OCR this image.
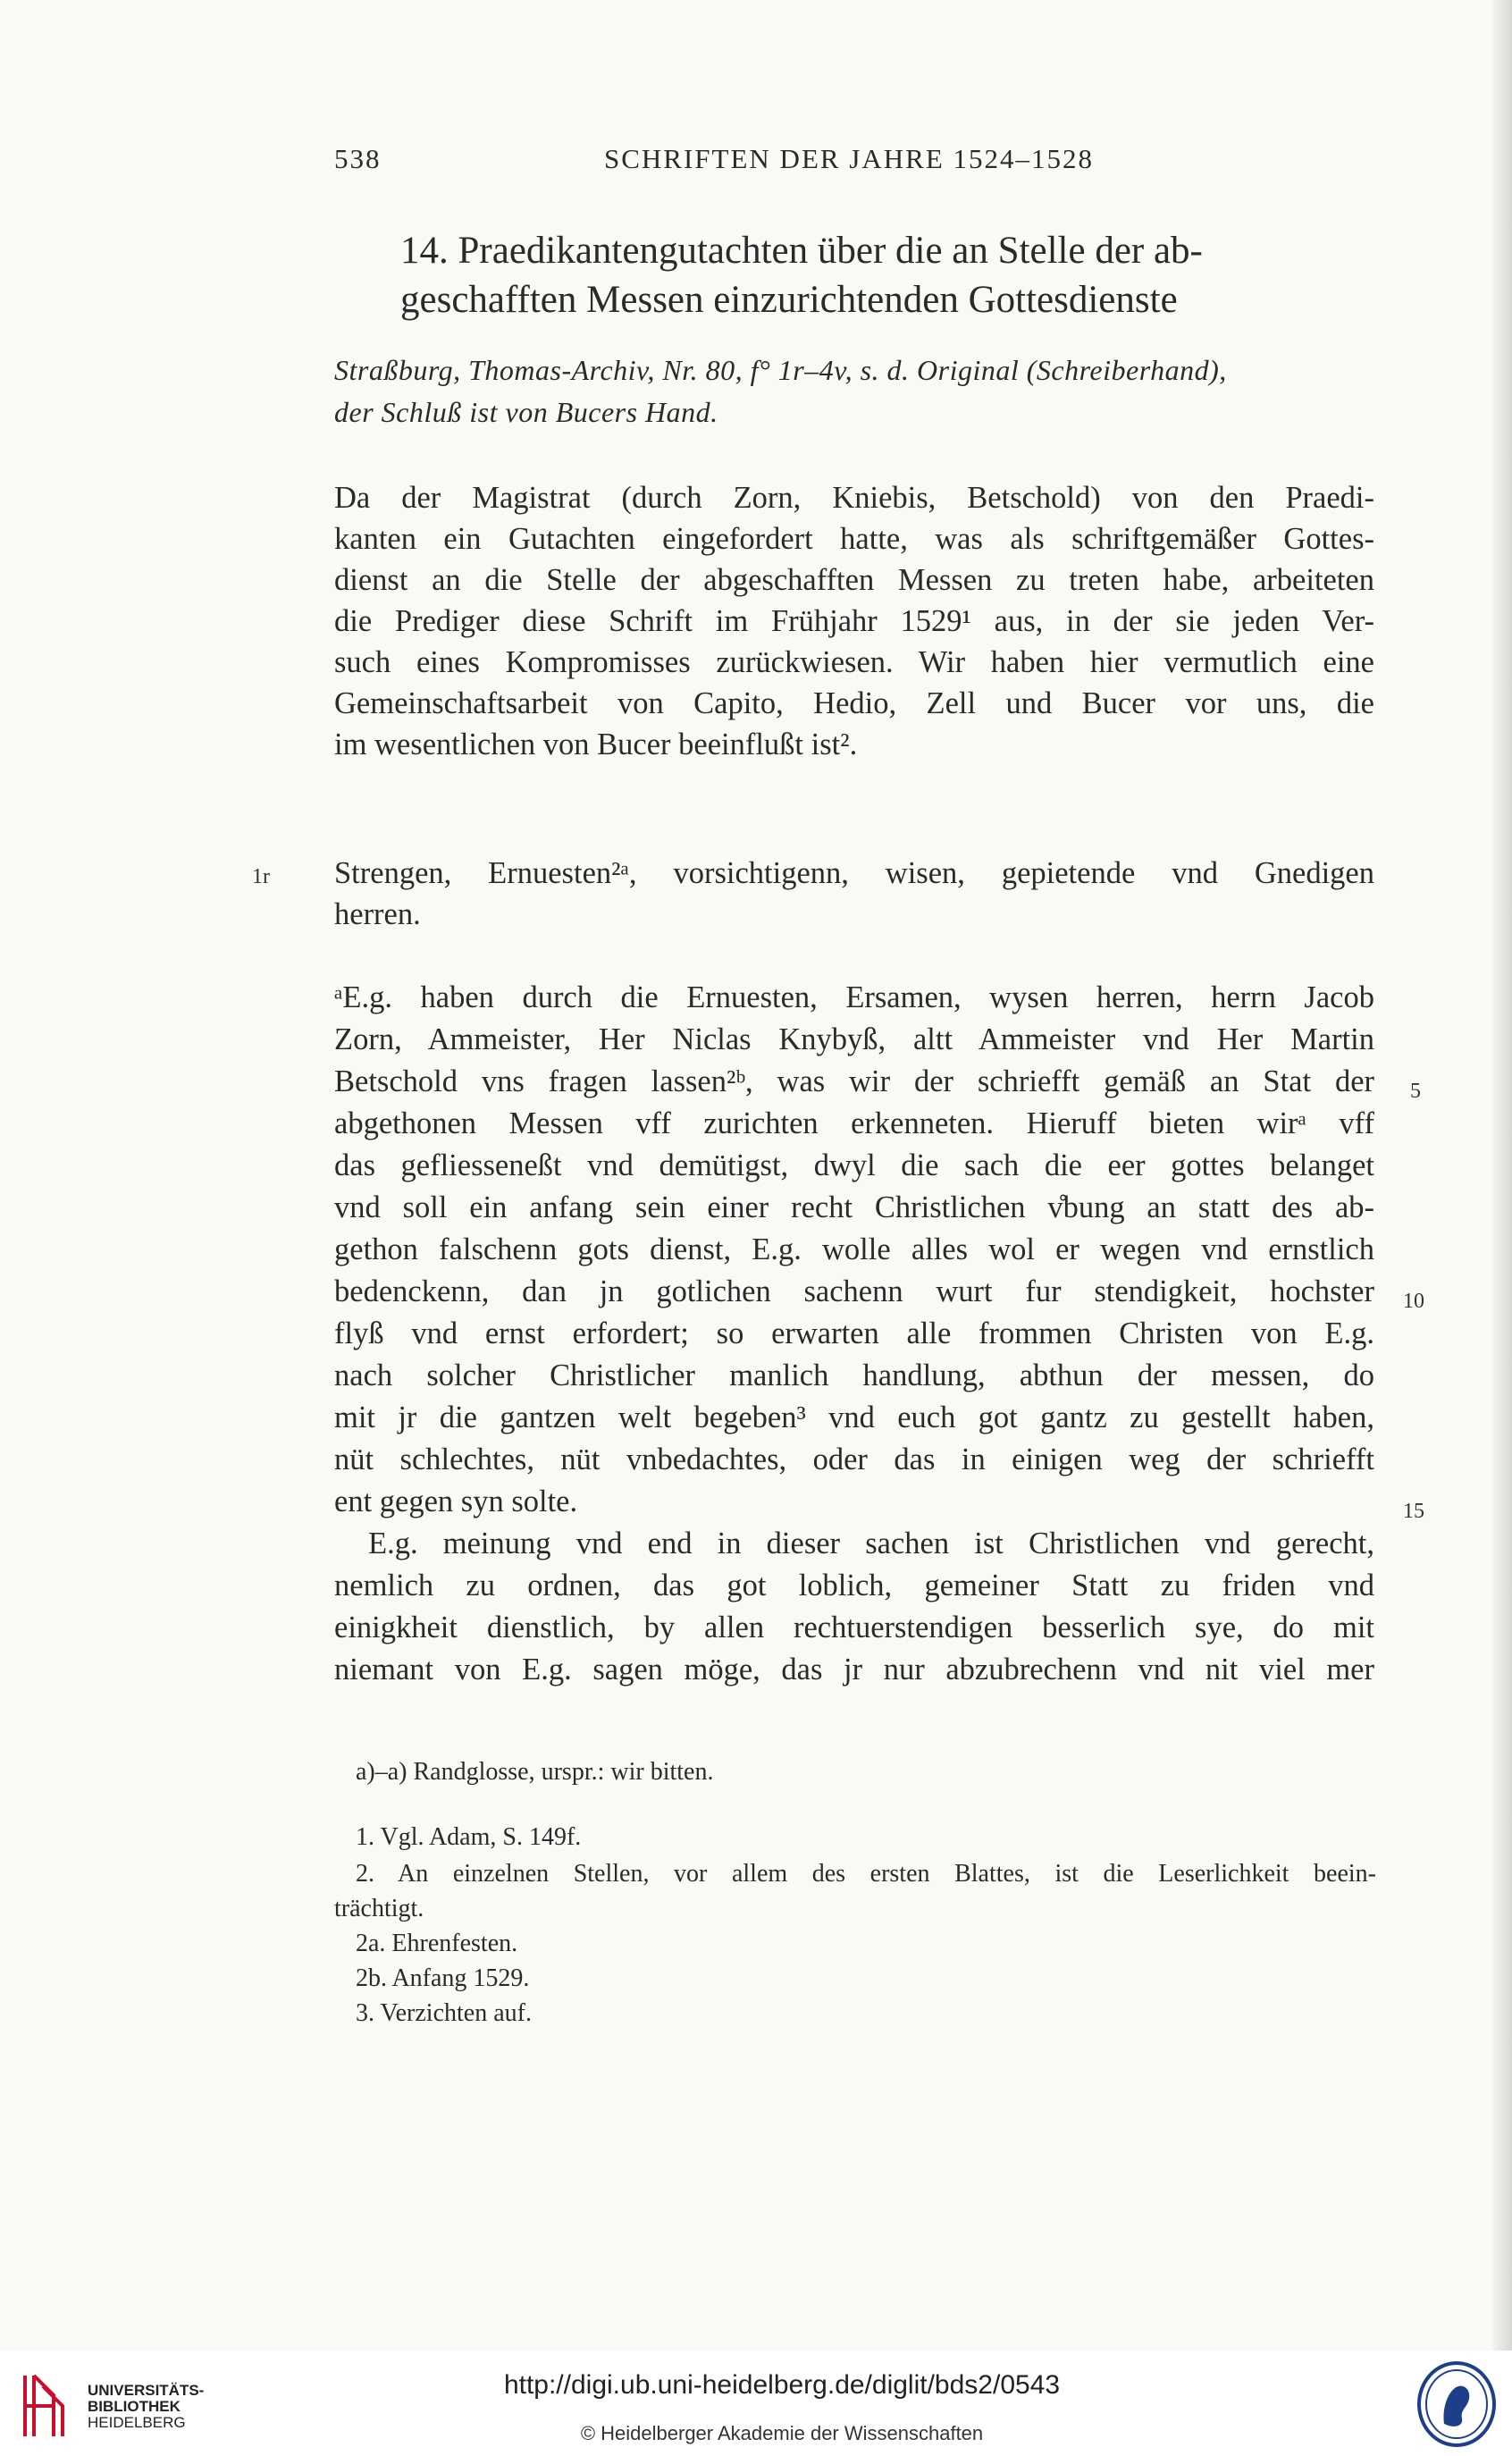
538	SCHRIFTEN DER JAHRE 1524–1528
14. Praedikantengutachten über die an Stelle der ab-
geschafften Messen einzurichtenden Gottesdienste
Straßburg, Thomas-Archiv, Nr. 80, f° 1r–4v, s. d. Original (Schreiberhand),
der Schluß ist von Bucers Hand.
Da der Magistrat (durch Zorn, Kniebis, Betschold) von den Praedi-
kanten ein Gutachten eingefordert hatte, was als schriftgemäßer Gottes-
dienst an die Stelle der abgeschafften Messen zu treten habe, arbeiteten
die Prediger diese Schrift im Frühjahr 1529¹ aus, in der sie jeden Ver-
such eines Kompromisses zurückwiesen. Wir haben hier vermutlich eine
Gemeinschaftsarbeit von Capito, Hedio, Zell und Bucer vor uns, die
im wesentlichen von Bucer beeinflußt ist².
1r Strengen, Ernuesten²ᵃ, vorsichtigenn, wisen, gepietende vnd Gnedigen
herren.
ᵃE.g. haben durch die Ernuesten, Ersamen, wysen herren, herrn Jacob
Zorn, Ammeister, Her Niclas Knybyß, altt Ammeister vnd Her Martin
Betschold vns fragen lassen²ᵇ, was wir der schriefft gemäß an Stat der
abgethonen Messen vff zurichten erkenneten. Hieruff bieten wirᵃ vff
das gefliessenеßt vnd demütigst, dwyl die sach die eer gottes belanget
vnd soll ein anfang sein einer recht Christlichen v̊bung an statt des ab-
gethon falschenn gots dienst, E.g. wolle alles wol er wegen vnd ernstlich
bedenckenn, dan jn gotlichen sachenn wurt fur stendigkeit, hochster
flyß vnd ernst erfordert; so erwarten alle frommen Christen von E.g.
nach solcher Christlicher manlich handlung, abthun der messen, do
mit jr die gantzen welt begeben³ vnd euch got gantz zu gestellt haben,
nüt schlechtes, nüt vnbedachtes, oder das in einigen weg der schriefft
ent gegen syn solte.
E.g. meinung vnd end in dieser sachen ist Christlichen vnd gerecht,
nemlich zu ordnen, das got loblich, gemeiner Statt zu friden vnd
einigkheit dienstlich, by allen rechtuerstendigen besserlich sye, do mit
niemant von E.g. sagen möge, das jr nur abzubrechenn vnd nit viel mer
5
10
15
a)–a) Randglosse, urspr.: wir bitten.
1. Vgl. Adam, S. 149f.
2. An einzelnen Stellen, vor allem des ersten Blattes, ist die Leserlichkeit beein-
trächtigt.
2a. Ehrenfesten.
2b. Anfang 1529.
3. Verzichten auf.
UNIVERSITÄTS-
BIBLIOTHEK
HEIDELBERG
http://digi.ub.uni-heidelberg.de/diglit/bds2/0543
© Heidelberger Akademie der Wissenschaften
